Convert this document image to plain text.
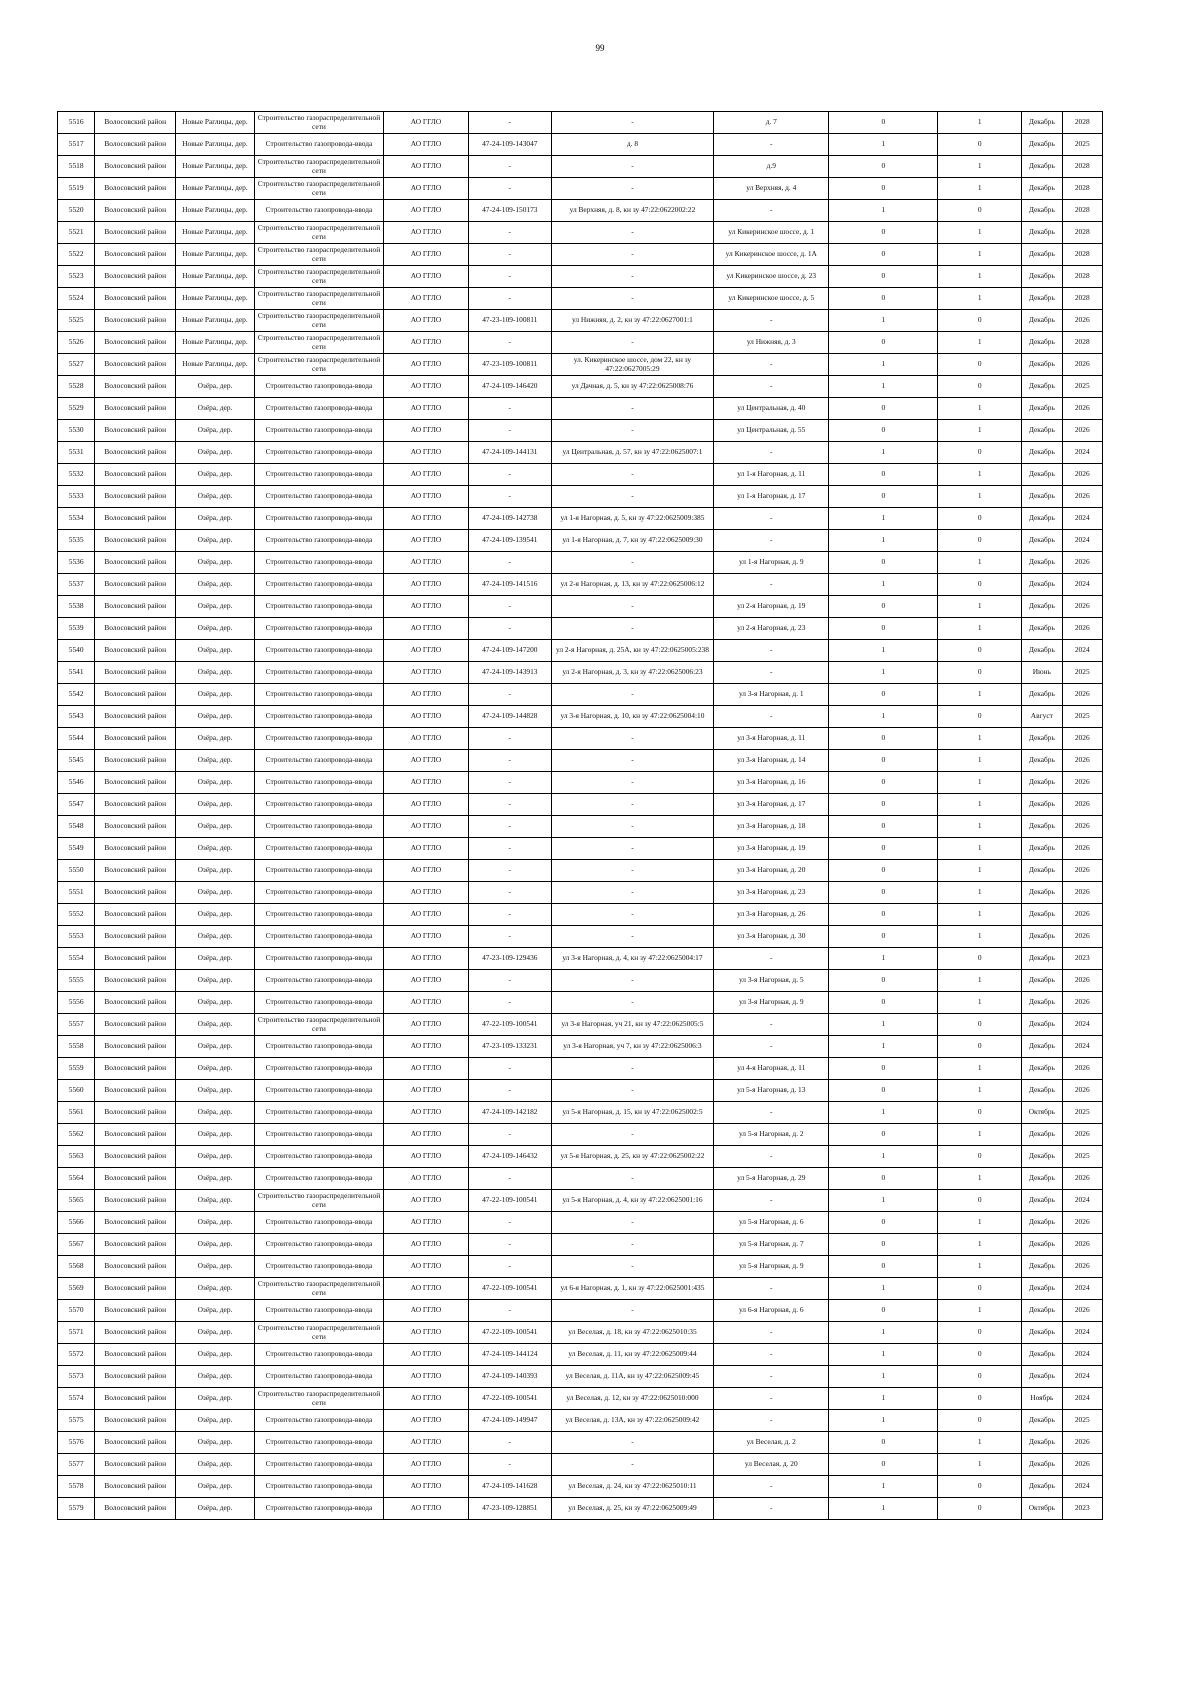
99
5516	Волосовский район	Новые Раглицы, дер.	Строительство газораспределительной сети	АО ГГЛО	-	-	д. 7	0	1	Декабрь	2028
5517	Волосовский район	Новые Раглицы, дер.	Строительство газопровода-ввода	АО ГГЛО	47-24-109-143047	д. 8	-	1	0	Декабрь	2025
5518	Волосовский район	Новые Раглицы, дер.	Строительство газораспределительной сети	АО ГГЛО	-	-	д.9	0	1	Декабрь	2028
5519	Волосовский район	Новые Раглицы, дер.	Строительство газораспределительной сети	АО ГГЛО	-	-	ул Верхняя, д. 4	0	1	Декабрь	2028
5520	Волосовский район	Новые Раглицы, дер.	Строительство газопровода-ввода	АО ГГЛО	47-24-109-150173	ул Верхняя, д. 8, кн зу 47:22:0622002:22	-	1	0	Декабрь	2028
5521	Волосовский район	Новые Раглицы, дер.	Строительство газораспределительной сети	АО ГГЛО	-	-	ул Кикеринское шоссе, д. 1	0	1	Декабрь	2028
5522	Волосовский район	Новые Раглицы, дер.	Строительство газораспределительной сети	АО ГГЛО	-	-	ул Кикеринское шоссе, д. 1А	0	1	Декабрь	2028
5523	Волосовский район	Новые Раглицы, дер.	Строительство газораспределительной сети	АО ГГЛО	-	-	ул Кикеринское шоссе, д. 23	0	1	Декабрь	2028
5524	Волосовский район	Новые Раглицы, дер.	Строительство газораспределительной сети	АО ГГЛО	-	-	ул Кикеринское шоссе, д. 5	0	1	Декабрь	2028
5525	Волосовский район	Новые Раглицы, дер.	Строительство газораспределительной сети	АО ГГЛО	47-23-109-100811	ул Нижняя, д. 2, кн зу 47:22:0627001:1	-	1	0	Декабрь	2026
5526	Волосовский район	Новые Раглицы, дер.	Строительство газораспределительной сети	АО ГГЛО	-	-	ул Нижняя, д. 3	0	1	Декабрь	2028
5527	Волосовский район	Новые Раглицы, дер.	Строительство газораспределительной сети	АО ГГЛО	47-23-109-100811	ул. Кикеринское шоссе, дом 22, кн зу 47:22:0627005:29	-	1	0	Декабрь	2026
5528	Волосовский район	Озёра, дер.	Строительство газопровода-ввода	АО ГГЛО	47-24-109-146420	ул Дачная, д. 5, кн зу 47:22:0625008:76	-	1	0	Декабрь	2025
5529	Волосовский район	Озёра, дер.	Строительство газопровода-ввода	АО ГГЛО	-	-	ул Центральная, д. 40	0	1	Декабрь	2026
5530	Волосовский район	Озёра, дер.	Строительство газопровода-ввода	АО ГГЛО	-	-	ул Центральная, д. 55	0	1	Декабрь	2026
5531	Волосовский район	Озёра, дер.	Строительство газопровода-ввода	АО ГГЛО	47-24-109-144131	ул Центральная, д. 57, кн зу 47:22:0625007:1	-	1	0	Декабрь	2024
5532	Волосовский район	Озёра, дер.	Строительство газопровода-ввода	АО ГГЛО	-	-	ул 1-я Нагорная, д. 11	0	1	Декабрь	2026
5533	Волосовский район	Озёра, дер.	Строительство газопровода-ввода	АО ГГЛО	-	-	ул 1-я Нагорная, д. 17	0	1	Декабрь	2026
5534	Волосовский район	Озёра, дер.	Строительство газопровода-ввода	АО ГГЛО	47-24-109-142738	ул 1-я Нагорная, д. 5, кн зу 47:22:0625009:385	-	1	0	Декабрь	2024
5535	Волосовский район	Озёра, дер.	Строительство газопровода-ввода	АО ГГЛО	47-24-109-139541	ул 1-я Нагорная, д. 7, кн зу 47:22:0625009:30	-	1	0	Декабрь	2024
5536	Волосовский район	Озёра, дер.	Строительство газопровода-ввода	АО ГГЛО	-	-	ул 1-я Нагорная, д. 9	0	1	Декабрь	2026
5537	Волосовский район	Озёра, дер.	Строительство газопровода-ввода	АО ГГЛО	47-24-109-141516	ул 2-я Нагорная, д. 13, кн зу 47:22:0625006:12	-	1	0	Декабрь	2024
5538	Волосовский район	Озёра, дер.	Строительство газопровода-ввода	АО ГГЛО	-	-	ул 2-я Нагорная, д. 19	0	1	Декабрь	2026
5539	Волосовский район	Озёра, дер.	Строительство газопровода-ввода	АО ГГЛО	-	-	ул 2-я Нагорная, д. 23	0	1	Декабрь	2026
5540	Волосовский район	Озёра, дер.	Строительство газопровода-ввода	АО ГГЛО	47-24-109-147200	ул 2-я Нагорная, д. 25А, кн зу 47:22:0625005:238	-	1	0	Декабрь	2024
5541	Волосовский район	Озёра, дер.	Строительство газопровода-ввода	АО ГГЛО	47-24-109-143913	ул 2-я Нагорная, д. 3, кн зу 47:22:0625006:23	-	1	0	Июнь	2025
5542	Волосовский район	Озёра, дер.	Строительство газопровода-ввода	АО ГГЛО	-	-	ул 3-я Нагорная, д. 1	0	1	Декабрь	2026
5543	Волосовский район	Озёра, дер.	Строительство газопровода-ввода	АО ГГЛО	47-24-109-144828	ул 3-я Нагорная, д. 10, кн зу 47:22:0625004:10	-	1	0	Август	2025
5544	Волосовский район	Озёра, дер.	Строительство газопровода-ввода	АО ГГЛО	-	-	ул 3-я Нагорная, д. 11	0	1	Декабрь	2026
5545	Волосовский район	Озёра, дер.	Строительство газопровода-ввода	АО ГГЛО	-	-	ул 3-я Нагорная, д. 14	0	1	Декабрь	2026
5546	Волосовский район	Озёра, дер.	Строительство газопровода-ввода	АО ГГЛО	-	-	ул 3-я Нагорная, д. 16	0	1	Декабрь	2026
5547	Волосовский район	Озёра, дер.	Строительство газопровода-ввода	АО ГГЛО	-	-	ул 3-я Нагорная, д. 17	0	1	Декабрь	2026
5548	Волосовский район	Озёра, дер.	Строительство газопровода-ввода	АО ГГЛО	-	-	ул 3-я Нагорная, д. 18	0	1	Декабрь	2026
5549	Волосовский район	Озёра, дер.	Строительство газопровода-ввода	АО ГГЛО	-	-	ул 3-я Нагорная, д. 19	0	1	Декабрь	2026
5550	Волосовский район	Озёра, дер.	Строительство газопровода-ввода	АО ГГЛО	-	-	ул 3-я Нагорная, д. 20	0	1	Декабрь	2026
5551	Волосовский район	Озёра, дер.	Строительство газопровода-ввода	АО ГГЛО	-	-	ул 3-я Нагорная, д. 23	0	1	Декабрь	2026
5552	Волосовский район	Озёра, дер.	Строительство газопровода-ввода	АО ГГЛО	-	-	ул 3-я Нагорная, д. 26	0	1	Декабрь	2026
5553	Волосовский район	Озёра, дер.	Строительство газопровода-ввода	АО ГГЛО	-	-	ул 3-я Нагорная, д. 30	0	1	Декабрь	2026
5554	Волосовский район	Озёра, дер.	Строительство газопровода-ввода	АО ГГЛО	47-23-109-129436	ул 3-я Нагорная, д. 4, кн зу 47:22:0625004:17	-	1	0	Декабрь	2023
5555	Волосовский район	Озёра, дер.	Строительство газопровода-ввода	АО ГГЛО	-	-	ул 3-я Нагорная, д. 5	0	1	Декабрь	2026
5556	Волосовский район	Озёра, дер.	Строительство газопровода-ввода	АО ГГЛО	-	-	ул 3-я Нагорная, д. 9	0	1	Декабрь	2026
5557	Волосовский район	Озёра, дер.	Строительство газораспределительной сети	АО ГГЛО	47-22-109-100541	ул 3-я Нагорная, уч 21, кн зу 47:22:0625005:5	-	1	0	Декабрь	2024
5558	Волосовский район	Озёра, дер.	Строительство газопровода-ввода	АО ГГЛО	47-23-109-133231	ул 3-я Нагорная, уч 7, кн зу 47:22:0625006:3	-	1	0	Декабрь	2024
5559	Волосовский район	Озёра, дер.	Строительство газопровода-ввода	АО ГГЛО	-	-	ул 4-я Нагорная, д. 11	0	1	Декабрь	2026
5560	Волосовский район	Озёра, дер.	Строительство газопровода-ввода	АО ГГЛО	-	-	ул 5-я Нагорная, д. 13	0	1	Декабрь	2026
5561	Волосовский район	Озёра, дер.	Строительство газопровода-ввода	АО ГГЛО	47-24-109-142182	ул 5-я Нагорная, д. 15, кн зу 47:22:0625002:5	-	1	0	Октябрь	2025
5562	Волосовский район	Озёра, дер.	Строительство газопровода-ввода	АО ГГЛО	-	-	ул 5-я Нагорная, д. 2	0	1	Декабрь	2026
5563	Волосовский район	Озёра, дер.	Строительство газопровода-ввода	АО ГГЛО	47-24-109-146432	ул 5-я Нагорная, д. 25, кн зу 47:22:0625002:22	-	1	0	Декабрь	2025
5564	Волосовский район	Озёра, дер.	Строительство газопровода-ввода	АО ГГЛО	-	-	ул 5-я Нагорная, д. 29	0	1	Декабрь	2026
5565	Волосовский район	Озёра, дер.	Строительство газораспределительной сети	АО ГГЛО	47-22-109-100541	ул 5-я Нагорная, д. 4, кн зу 47:22:0625001:16	-	1	0	Декабрь	2024
5566	Волосовский район	Озёра, дер.	Строительство газопровода-ввода	АО ГГЛО	-	-	ул 5-я Нагорная, д. 6	0	1	Декабрь	2026
5567	Волосовский район	Озёра, дер.	Строительство газопровода-ввода	АО ГГЛО	-	-	ул 5-я Нагорная, д. 7	0	1	Декабрь	2026
5568	Волосовский район	Озёра, дер.	Строительство газопровода-ввода	АО ГГЛО	-	-	ул 5-я Нагорная, д. 9	0	1	Декабрь	2026
5569	Волосовский район	Озёра, дер.	Строительство газораспределительной сети	АО ГГЛО	47-22-109-100541	ул 6-я Нагорная, д. 1, кн зу 47:22:0625001:435	-	1	0	Декабрь	2024
5570	Волосовский район	Озёра, дер.	Строительство газопровода-ввода	АО ГГЛО	-	-	ул 6-я Нагорная, д. 6	0	1	Декабрь	2026
5571	Волосовский район	Озёра, дер.	Строительство газораспределительной сети	АО ГГЛО	47-22-109-100541	ул Веселая, д. 18, кн зу 47:22:0625010:35	-	1	0	Декабрь	2024
5572	Волосовский район	Озёра, дер.	Строительство газопровода-ввода	АО ГГЛО	47-24-109-144124	ул Веселая, д. 11, кн зу 47:22:0625009:44	-	1	0	Декабрь	2024
5573	Волосовский район	Озёра, дер.	Строительство газопровода-ввода	АО ГГЛО	47-24-109-140393	ул Веселая, д. 11А, кн зу 47:22:0625009:45	-	1	0	Декабрь	2024
5574	Волосовский район	Озёра, дер.	Строительство газораспределительной сети	АО ГГЛО	47-22-109-100541	ул Веселая, д. 12, кн зу 47:22:0625010:000	-	1	0	Ноябрь	2024
5575	Волосовский район	Озёра, дер.	Строительство газопровода-ввода	АО ГГЛО	47-24-109-149947	ул Веселая, д. 13А, кн зу 47:22:0625009:42	-	1	0	Декабрь	2025
5576	Волосовский район	Озёра, дер.	Строительство газопровода-ввода	АО ГГЛО	-	-	ул Веселая, д. 2	0	1	Декабрь	2026
5577	Волосовский район	Озёра, дер.	Строительство газопровода-ввода	АО ГГЛО	-	-	ул Веселая, д. 20	0	1	Декабрь	2026
5578	Волосовский район	Озёра, дер.	Строительство газопровода-ввода	АО ГГЛО	47-24-109-141628	ул Веселая, д. 24, кн зу 47:22:0625010:11	-	1	0	Декабрь	2024
5579	Волосовский район	Озёра, дер.	Строительство газопровода-ввода	АО ГГЛО	47-23-109-128851	ул Веселая, д. 25, кн зу 47:22:0625009:49	-	1	0	Октябрь	2023
